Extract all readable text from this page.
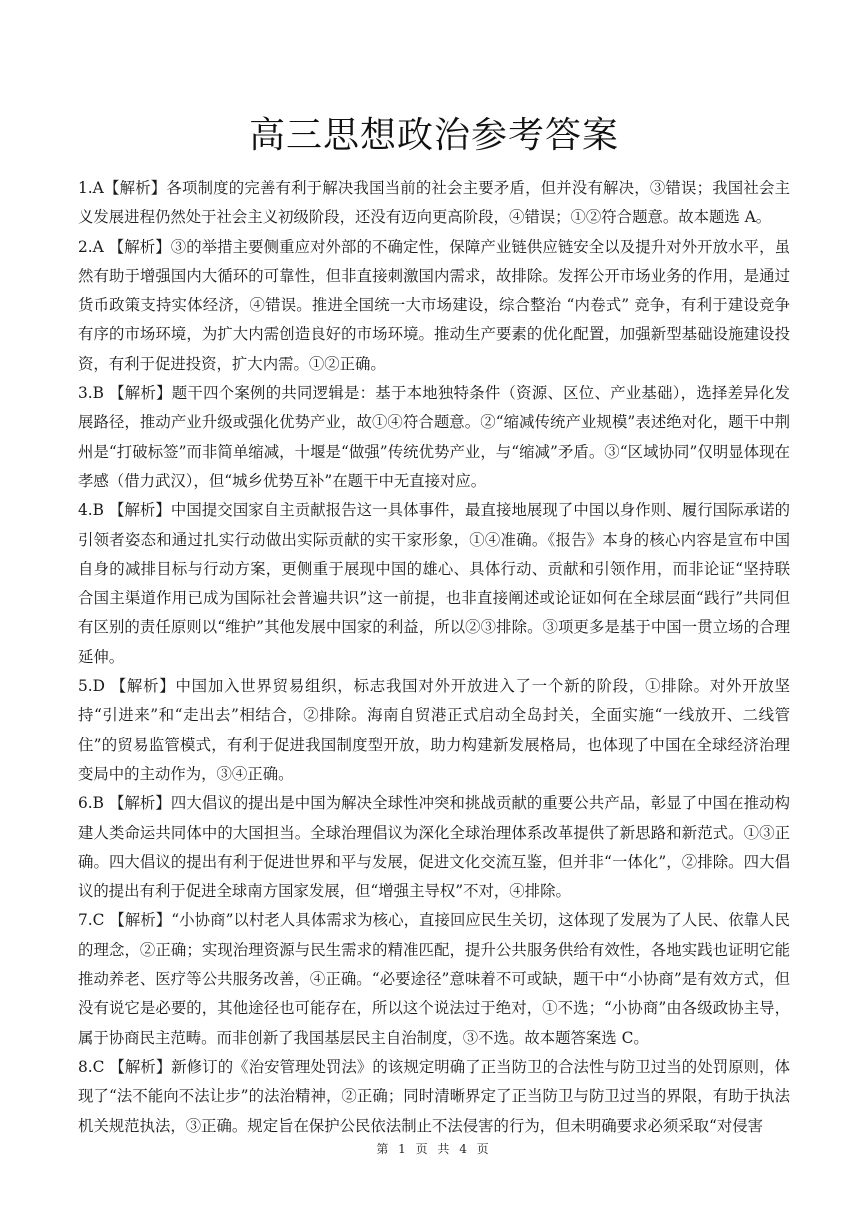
高三思想政治参考答案

1.A【解析】各项制度的完善有利于解决我国当前的社会主要矛盾，但并没有解决，③错误；我国社会主义发展进程仍然处于社会主义初级阶段，还没有迈向更高阶段，④错误；①②符合题意。故本题选 A。

2.A 【解析】③的举措主要侧重应对外部的不确定性，保障产业链供应链安全以及提升对外开放水平，虽然有助于增强国内大循环的可靠性，但非直接刺激国内需求，故排除。发挥公开市场业务的作用，是通过货币政策支持实体经济，④错误。推进全国统一大市场建设，综合整治 “内卷式” 竞争，有利于建设竞争有序的市场环境，为扩大内需创造良好的市场环境。推动生产要素的优化配置，加强新型基础设施建设投资，有利于促进投资，扩大内需。①②正确。

3.B 【解析】题干四个案例的共同逻辑是：基于本地独特条件（资源、区位、产业基础），选择差异化发展路径，推动产业升级或强化优势产业，故①④符合题意。②“缩减传统产业规模”表述绝对化，题干中荆州是“打破标签”而非简单缩减，十堰是“做强”传统优势产业，与“缩减”矛盾。③“区域协同”仅明显体现在孝感（借力武汉），但“城乡优势互补”在题干中无直接对应。

4.B 【解析】中国提交国家自主贡献报告这一具体事件，最直接地展现了中国以身作则、履行国际承诺的引领者姿态和通过扎实行动做出实际贡献的实干家形象，①④准确。《报告》本身的核心内容是宣布中国自身的减排目标与行动方案，更侧重于展现中国的雄心、具体行动、贡献和引领作用，而非论证“坚持联合国主渠道作用已成为国际社会普遍共识”这一前提，也非直接阐述或论证如何在全球层面“践行”共同但有区别的责任原则以“维护”其他发展中国家的利益，所以②③排除。③项更多是基于中国一贯立场的合理延伸。

5.D 【解析】中国加入世界贸易组织，标志我国对外开放进入了一个新的阶段，①排除。对外开放坚持“引进来”和“走出去”相结合，②排除。海南自贸港正式启动全岛封关，全面实施“一线放开、二线管住”的贸易监管模式，有利于促进我国制度型开放，助力构建新发展格局，也体现了中国在全球经济治理变局中的主动作为，③④正确。

6.B 【解析】四大倡议的提出是中国为解决全球性冲突和挑战贡献的重要公共产品，彰显了中国在推动构建人类命运共同体中的大国担当。全球治理倡议为深化全球治理体系改革提供了新思路和新范式。①③正确。四大倡议的提出有利于促进世界和平与发展，促进文化交流互鉴，但并非“一体化”，②排除。四大倡议的提出有利于促进全球南方国家发展，但“增强主导权”不对，④排除。

7.C 【解析】“小协商”以村老人具体需求为核心，直接回应民生关切，这体现了发展为了人民、依靠人民的理念，②正确；实现治理资源与民生需求的精准匹配，提升公共服务供给有效性，各地实践也证明它能推动养老、医疗等公共服务改善，④正确。“必要途径”意味着不可或缺，题干中“小协商”是有效方式，但没有说它是必要的，其他途径也可能存在，所以这个说法过于绝对，①不选；“小协商”由各级政协主导，属于协商民主范畴。而非创新了我国基层民主自治制度，③不选。故本题答案选 C。

8.C 【解析】新修订的《治安管理处罚法》的该规定明确了正当防卫的合法性与防卫过当的处罚原则，体现了“法不能向不法让步”的法治精神，②正确；同时清晰界定了正当防卫与防卫过当的界限，有助于执法机关规范执法，③正确。规定旨在保护公民依法制止不法侵害的行为，但未明确要求必须采取“对侵害

第 1 页 共 4 页
